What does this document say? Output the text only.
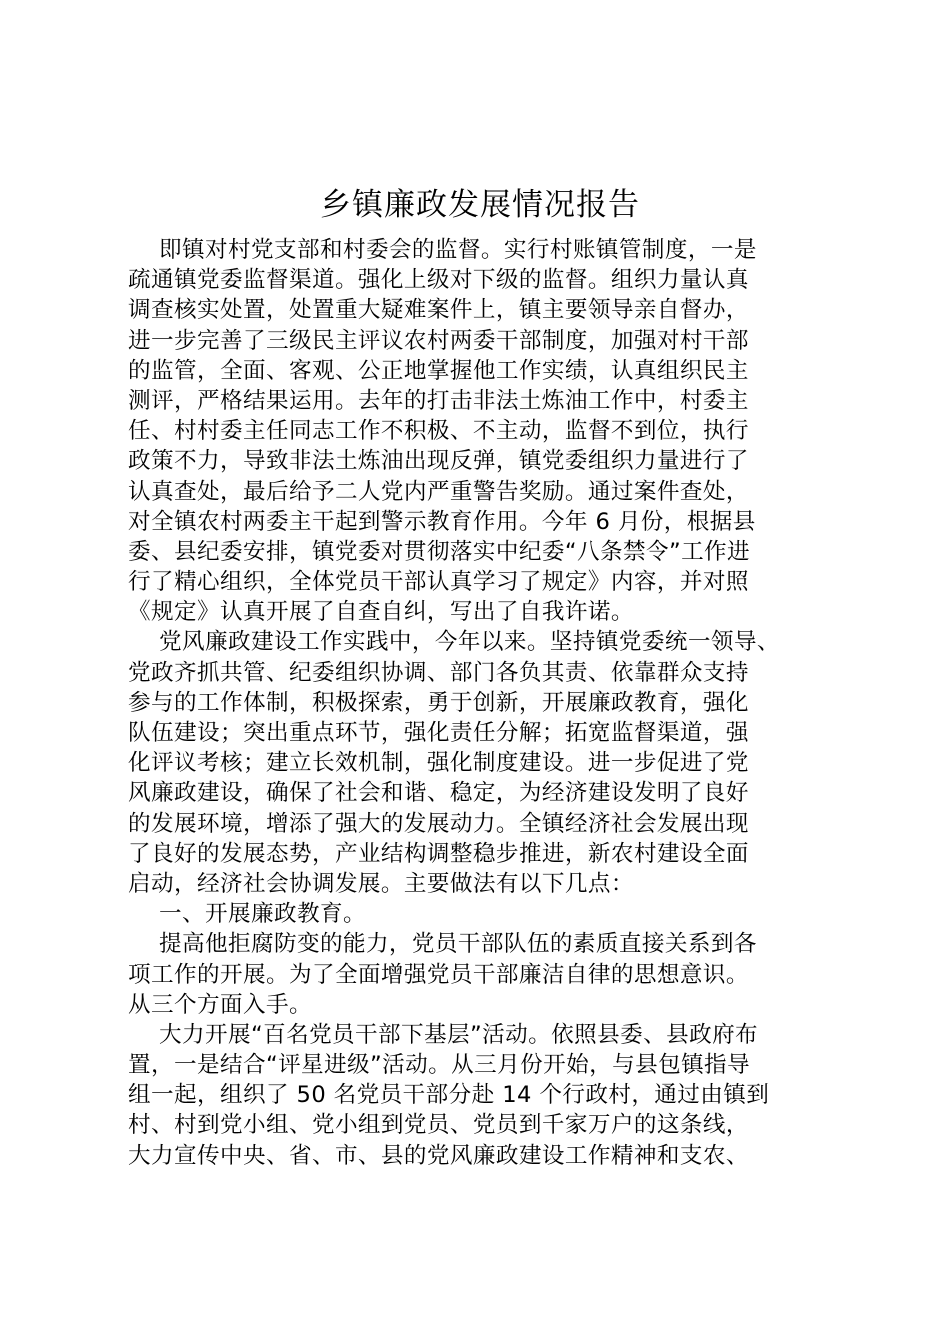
乡镇廉政发展情况报告
即镇对村党支部和村委会的监督。实行村账镇管制度，一是
疏通镇党委监督渠道。强化上级对下级的监督。组织力量认真
调查核实处置，处置重大疑难案件上，镇主要领导亲自督办，
进一步完善了三级民主评议农村两委干部制度，加强对村干部
的监管，全面、客观、公正地掌握他工作实绩，认真组织民主
测评，严格结果运用。去年的打击非法土炼油工作中，村委主
任、村村委主任同志工作不积极、不主动，监督不到位，执行
政策不力，导致非法土炼油出现反弹，镇党委组织力量进行了
认真查处，最后给予二人党内严重警告奖励。通过案件查处，
对全镇农村两委主干起到警示教育作用。今年 6 月份，根据县
委、县纪委安排，镇党委对贯彻落实中纪委“八条禁令”工作进
行了精心组织，全体党员干部认真学习了规定》内容，并对照
《规定》认真开展了自查自纠，写出了自我许诺。
党风廉政建设工作实践中，今年以来。坚持镇党委统一领导、
党政齐抓共管、纪委组织协调、部门各负其责、依靠群众支持
参与的工作体制，积极探索，勇于创新，开展廉政教育，强化
队伍建设；突出重点环节，强化责任分解；拓宽监督渠道，强
化评议考核；建立长效机制，强化制度建设。进一步促进了党
风廉政建设，确保了社会和谐、稳定，为经济建设发明了良好
的发展环境，增添了强大的发展动力。全镇经济社会发展出现
了良好的发展态势，产业结构调整稳步推进，新农村建设全面
启动，经济社会协调发展。主要做法有以下几点：
一、开展廉政教育。
提高他拒腐防变的能力，党员干部队伍的素质直接关系到各
项工作的开展。为了全面增强党员干部廉洁自律的思想意识。
从三个方面入手。
大力开展“百名党员干部下基层”活动。依照县委、县政府布
置，一是结合“评星进级”活动。从三月份开始，与县包镇指导
组一起，组织了 50 名党员干部分赴 14 个行政村，通过由镇到
村、村到党小组、党小组到党员、党员到千家万户的这条线，
大力宣传中央、省、市、县的党风廉政建设工作精神和支农、
